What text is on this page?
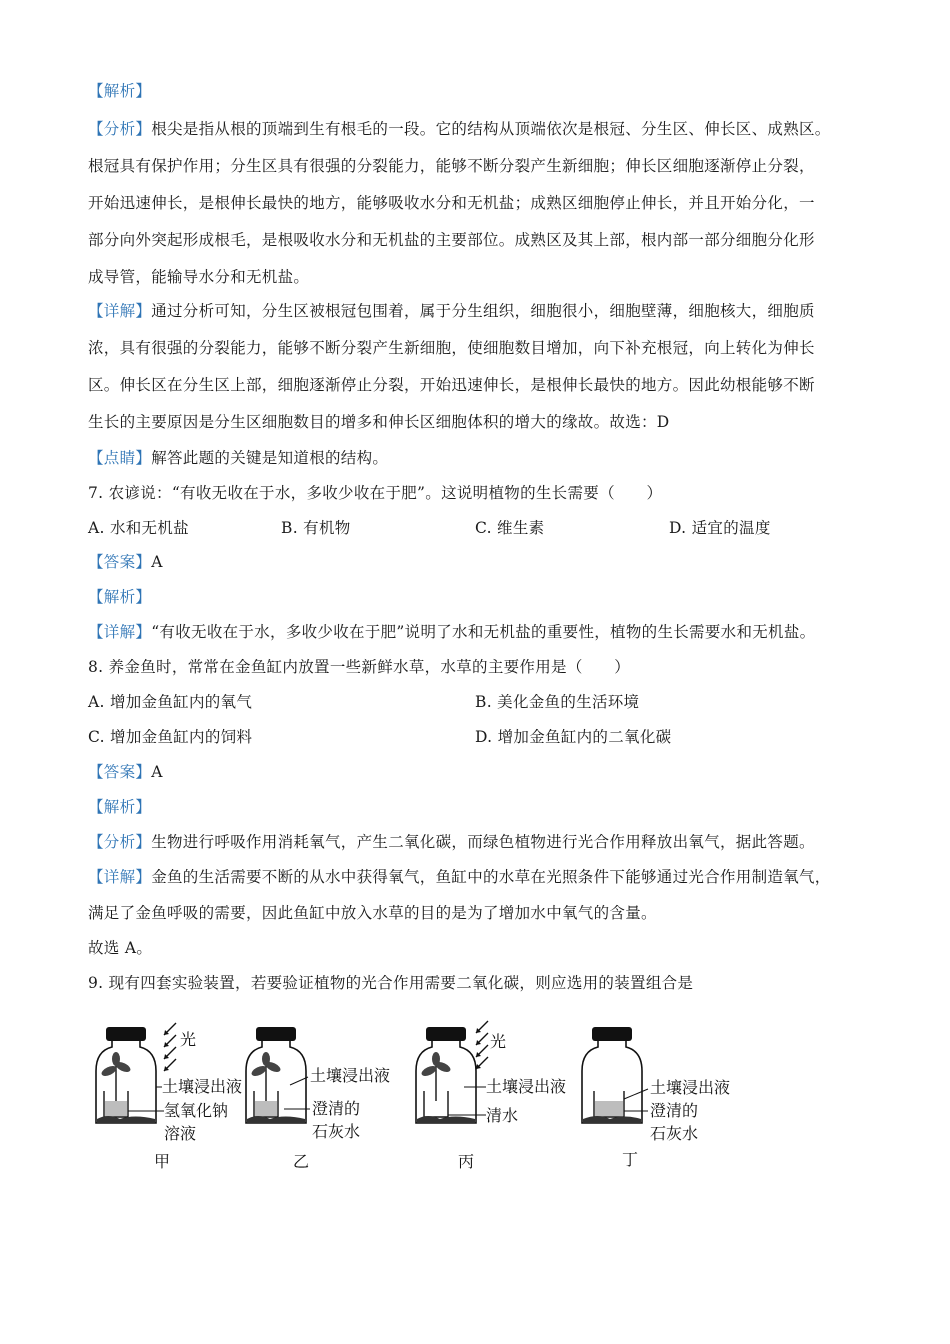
【解析】
【分析】根尖是指从根的顶端到生有根毛的一段。它的结构从顶端依次是根冠、分生区、伸长区、成熟区。
根冠具有保护作用；分生区具有很强的分裂能力，能够不断分裂产生新细胞；伸长区细胞逐渐停止分裂，
开始迅速伸长，是根伸长最快的地方，能够吸收水分和无机盐；成熟区细胞停止伸长，并且开始分化，一
部分向外突起形成根毛，是根吸收水分和无机盐的主要部位。成熟区及其上部，根内部一部分细胞分化形
成导管，能输导水分和无机盐。
【详解】通过分析可知，分生区被根冠包围着，属于分生组织，细胞很小，细胞壁薄，细胞核大，细胞质
浓，具有很强的分裂能力，能够不断分裂产生新细胞，使细胞数目增加，向下补充根冠，向上转化为伸长
区。伸长区在分生区上部，细胞逐渐停止分裂，开始迅速伸长，是根伸长最快的地方。因此幼根能够不断
生长的主要原因是分生区细胞数目的增多和伸长区细胞体积的增大的缘故。故选：D
【点睛】解答此题的关键是知道根的结构。
7. 农谚说：“有收无收在于水，多收少收在于肥”。这说明植物的生长需要（　　）
A. 水和无机盐	B. 有机物	C. 维生素	D. 适宜的温度
【答案】A
【解析】
【详解】“有收无收在于水，多收少收在于肥”说明了水和无机盐的重要性，植物的生长需要水和无机盐。
8. 养金鱼时，常常在金鱼缸内放置一些新鲜水草，水草的主要作用是（　　）
A. 增加金鱼缸内的氧气	B. 美化金鱼的生活环境
C. 增加金鱼缸内的饲料	D. 增加金鱼缸内的二氧化碳
【答案】A
【解析】
【分析】生物进行呼吸作用消耗氧气，产生二氧化碳，而绿色植物进行光合作用释放出氧气，据此答题。
【详解】金鱼的生活需要不断的从水中获得氧气，鱼缸中的水草在光照条件下能够通过光合作用制造氧气，
满足了金鱼呼吸的需要，因此鱼缸中放入水草的目的是为了增加水中氧气的含量。
故选 A。
9. 现有四套实验装置，若要验证植物的光合作用需要二氧化碳，则应选用的装置组合是
光
土壤浸出液
氢氧化钠
溶液
甲
土壤浸出液
澄清的
石灰水
乙
光
土壤浸出液
清水
丙
土壤浸出液
澄清的
石灰水
丁
